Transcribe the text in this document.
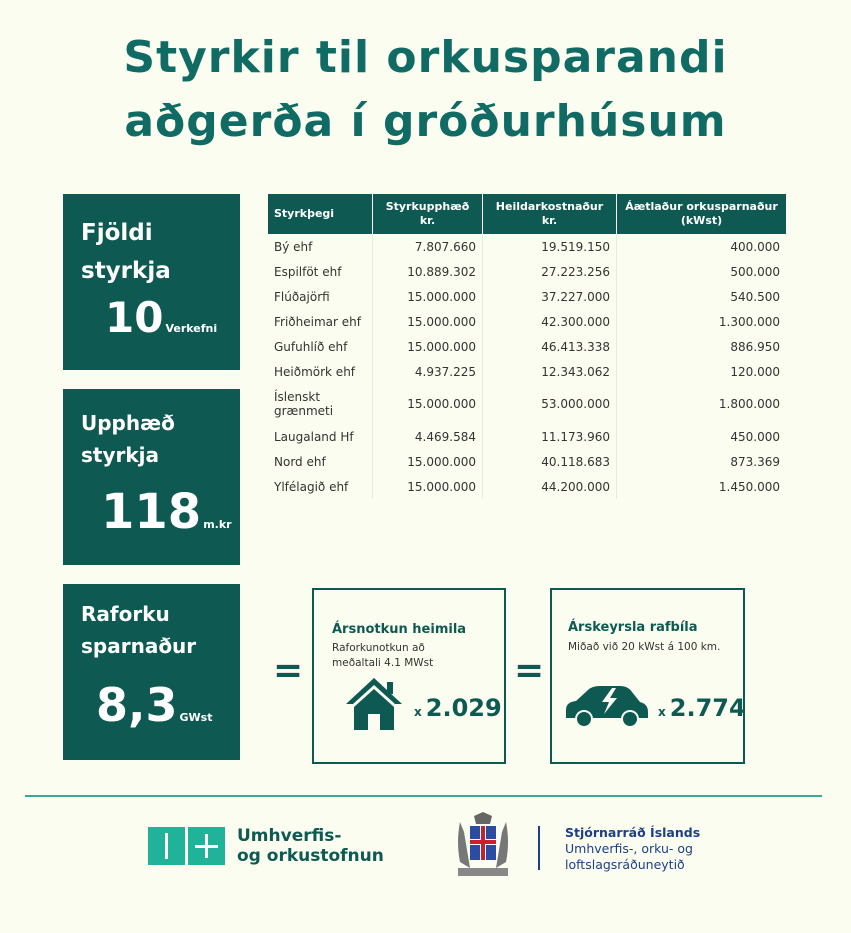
Styrkir til orkusparandi
aðgerða í gróðurhúsum
Fjöldi
styrkja
10 Verkefni
Upphæð
styrkja
118 m.kr
Raforku
sparnaður
8,3 GWst
Styrkþegi	Styrkupphæð kr.	Heildarkostnaður kr.	Áætlaður orkusparnaður (kWst)
Bý ehf	7.807.660	19.519.150	400.000
Espilföt ehf	10.889.302	27.223.256	500.000
Flúðajörfi	15.000.000	37.227.000	540.500
Friðheimar ehf	15.000.000	42.300.000	1.300.000
Gufuhlíð ehf	15.000.000	46.413.338	886.950
Heiðmörk ehf	4.937.225	12.343.062	120.000
Íslenskt grænmeti	15.000.000	53.000.000	1.800.000
Laugaland Hf	4.469.584	11.173.960	450.000
Nord ehf	15.000.000	40.118.683	873.369
Ylfélagið ehf	15.000.000	44.200.000	1.450.000
=	=
Ársnotkun heimila
Raforkunotkun að
meðaltali 4.1 MWst
x 2.029
Árskeyrsla rafbíla
Miðað við 20 kWst á 100 km.
x 2.774
Umhverfis-
og orkustofnun
Stjórnarráð Íslands
Umhverfis-, orku- og
loftslagsráðuneytið
